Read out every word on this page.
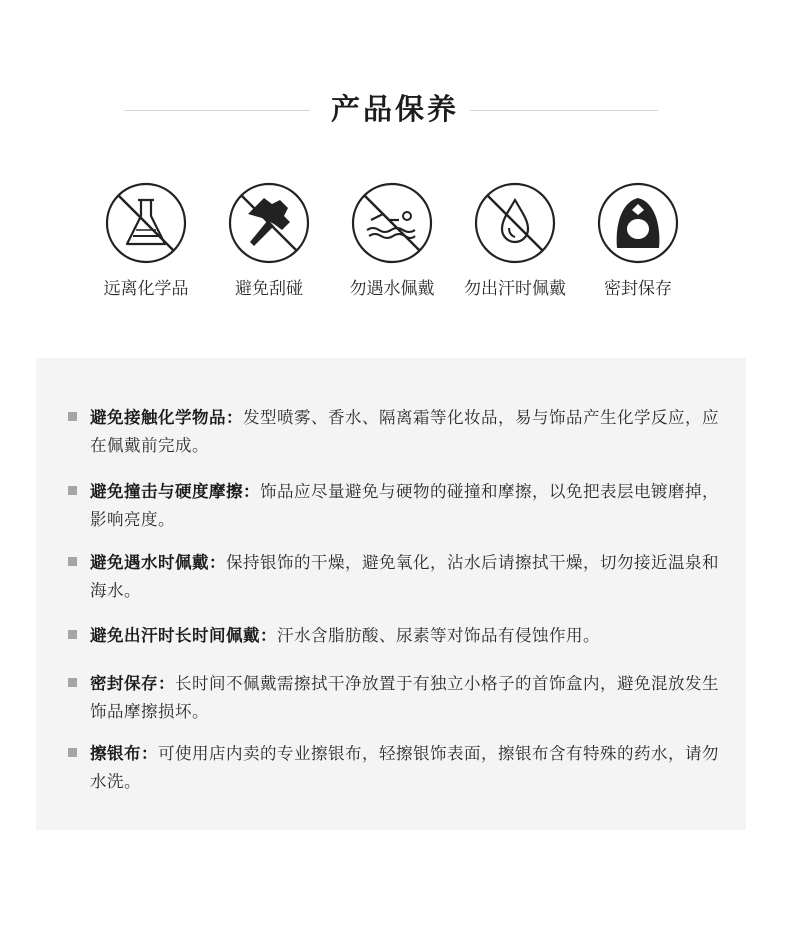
产品保养
远离化学品	避免刮碰	勿遇水佩戴	勿出汗时佩戴	密封保存
避免接触化学物品：发型喷雾、香水、隔离霜等化妆品，易与饰品产生化学反应，应在佩戴前完成。
避免撞击与硬度摩擦：饰品应尽量避免与硬物的碰撞和摩擦，以免把表层电镀磨掉，影响亮度。
避免遇水时佩戴：保持银饰的干燥，避免氧化，沾水后请擦拭干燥，切勿接近温泉和海水。
避免出汗时长时间佩戴：汗水含脂肪酸、尿素等对饰品有侵蚀作用。
密封保存：长时间不佩戴需擦拭干净放置于有独立小格子的首饰盒内，避免混放发生饰品摩擦损坏。
擦银布：可使用店内卖的专业擦银布，轻擦银饰表面，擦银布含有特殊的药水，请勿水洗。
